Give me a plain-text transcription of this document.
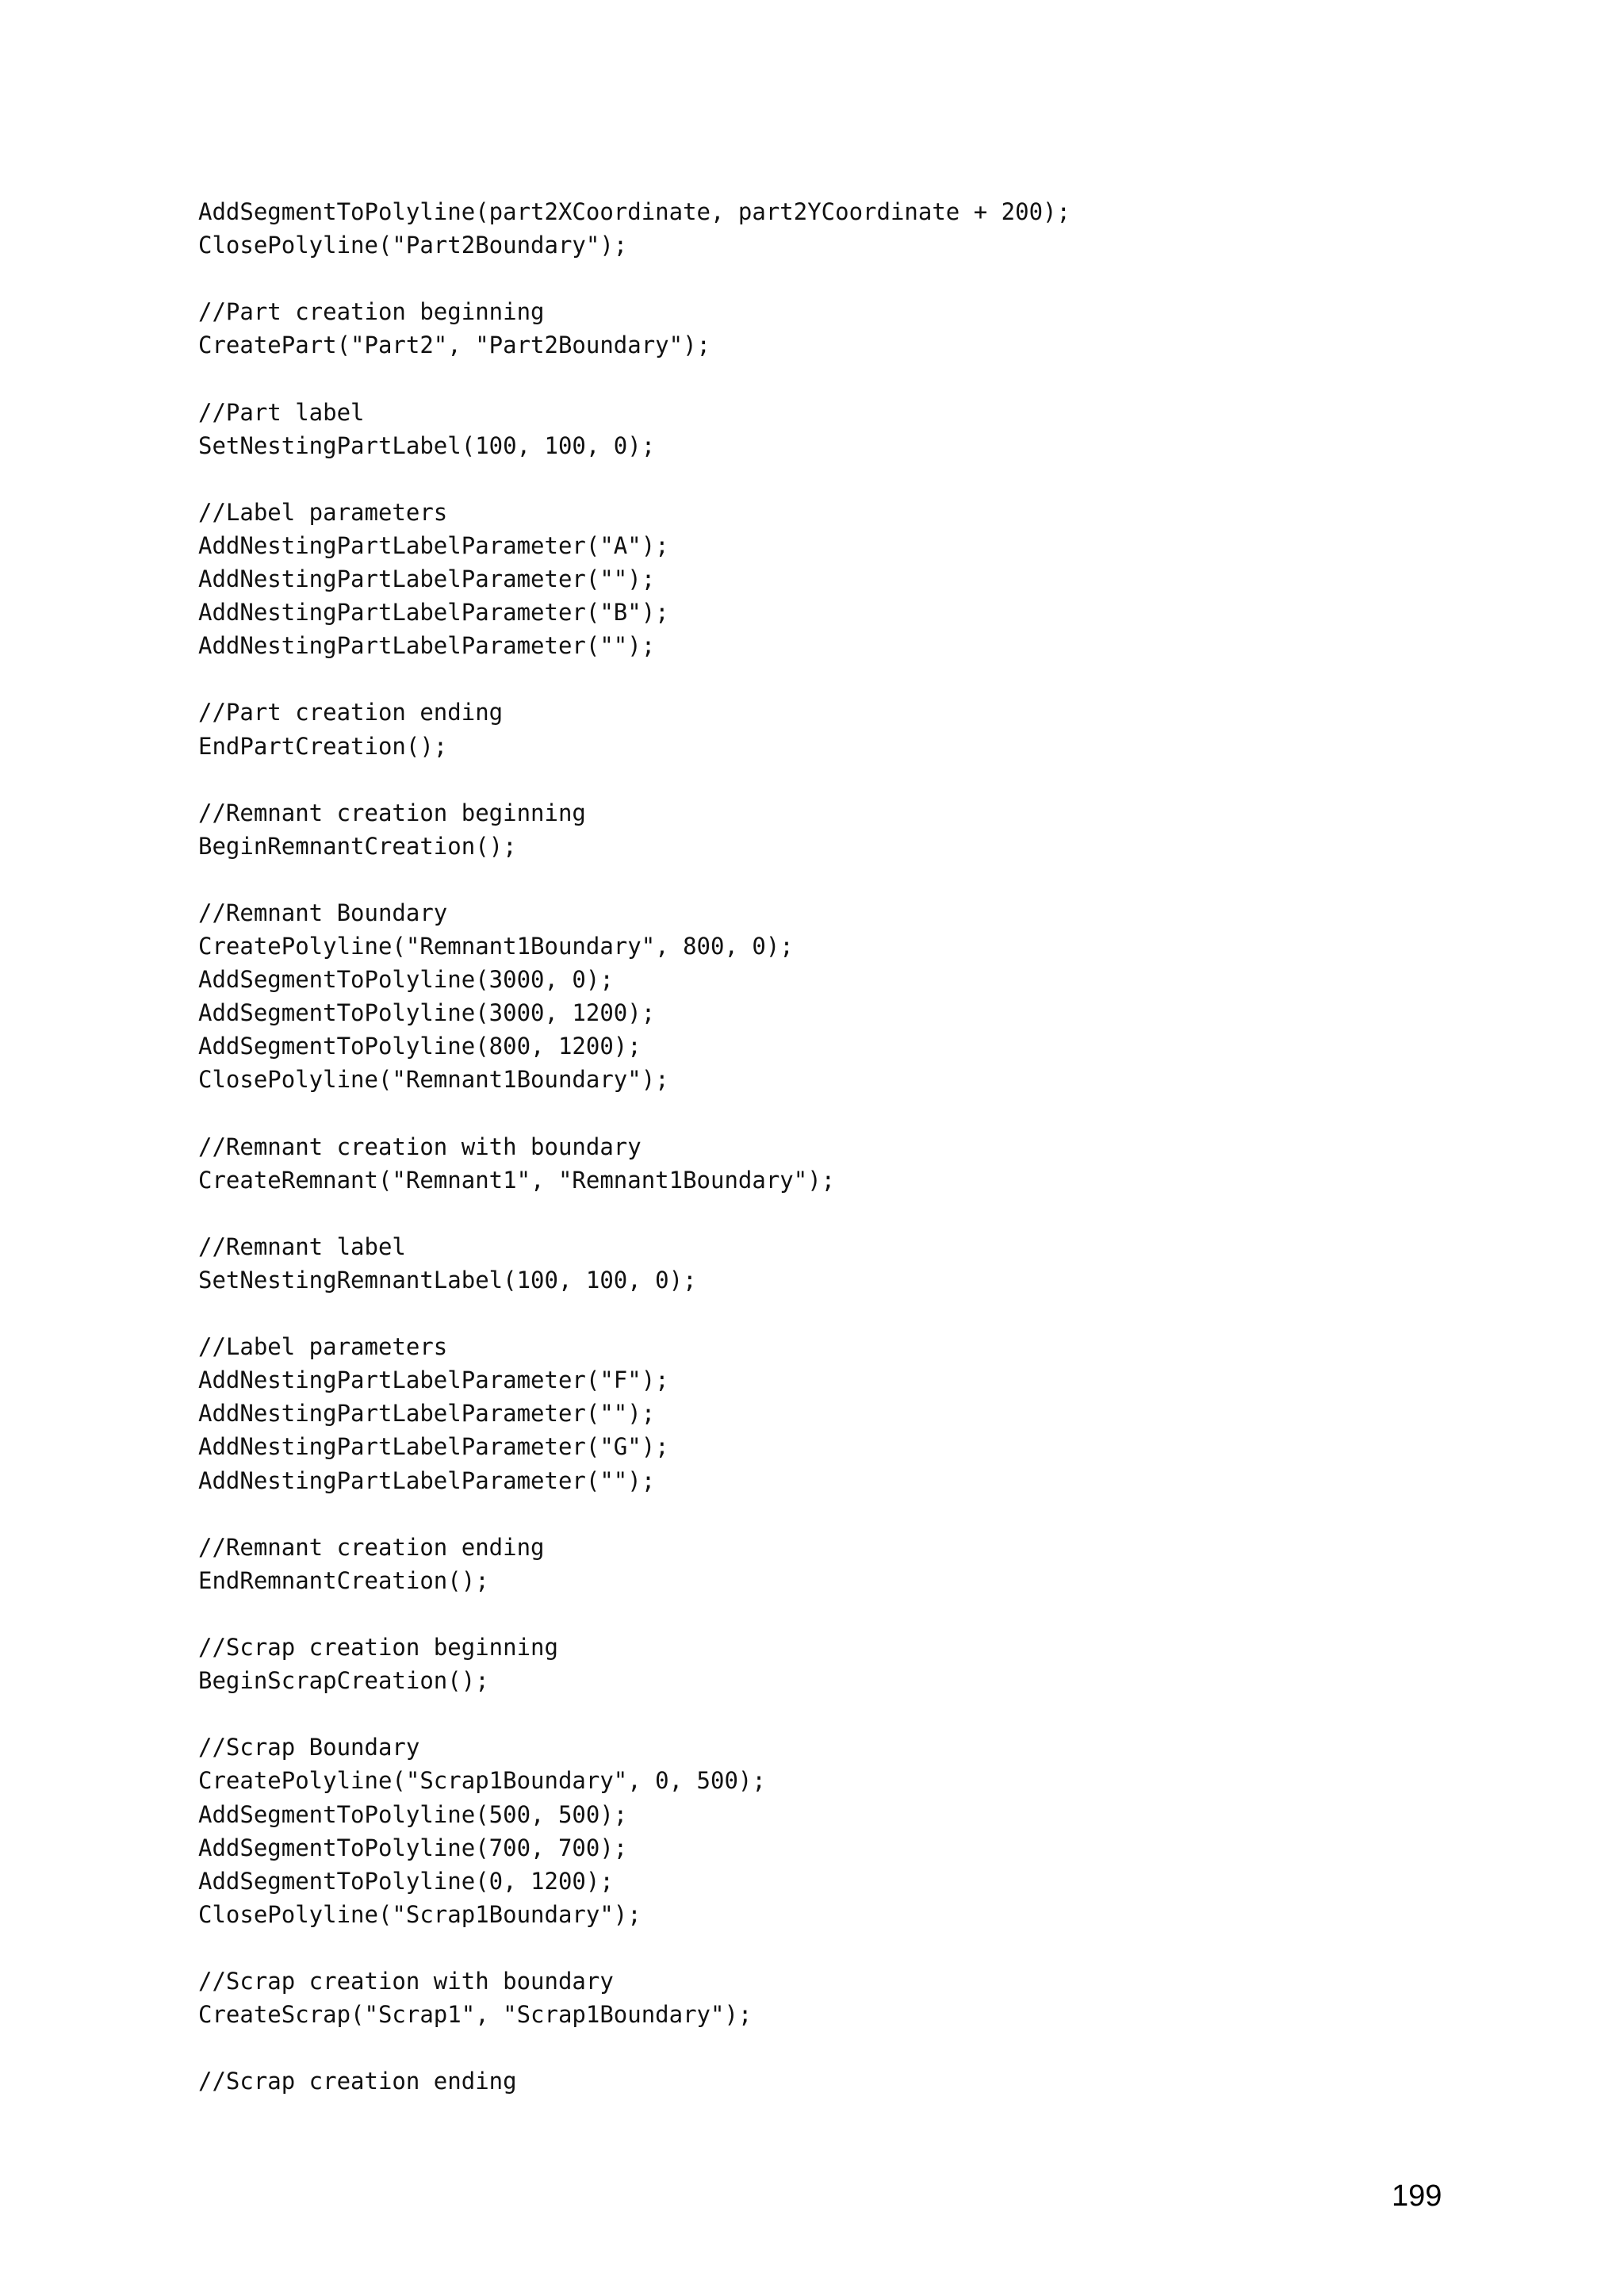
AddSegmentToPolyline(part2XCoordinate, part2YCoordinate + 200);
ClosePolyline("Part2Boundary");
//Part creation beginning
CreatePart("Part2", "Part2Boundary");
//Part label
SetNestingPartLabel(100, 100, 0);
//Label parameters
AddNestingPartLabelParameter("A");
AddNestingPartLabelParameter("");
AddNestingPartLabelParameter("B");
AddNestingPartLabelParameter("");
//Part creation ending
EndPartCreation();
//Remnant creation beginning
BeginRemnantCreation();
//Remnant Boundary
CreatePolyline("Remnant1Boundary", 800, 0);
AddSegmentToPolyline(3000, 0);
AddSegmentToPolyline(3000, 1200);
AddSegmentToPolyline(800, 1200);
ClosePolyline("Remnant1Boundary");
//Remnant creation with boundary
CreateRemnant("Remnant1", "Remnant1Boundary");
//Remnant label
SetNestingRemnantLabel(100, 100, 0);
//Label parameters
AddNestingPartLabelParameter("F");
AddNestingPartLabelParameter("");
AddNestingPartLabelParameter("G");
AddNestingPartLabelParameter("");
//Remnant creation ending
EndRemnantCreation();
//Scrap creation beginning
BeginScrapCreation();
//Scrap Boundary
CreatePolyline("Scrap1Boundary", 0, 500);
AddSegmentToPolyline(500, 500);
AddSegmentToPolyline(700, 700);
AddSegmentToPolyline(0, 1200);
ClosePolyline("Scrap1Boundary");
//Scrap creation with boundary
CreateScrap("Scrap1", "Scrap1Boundary");
//Scrap creation ending
199
